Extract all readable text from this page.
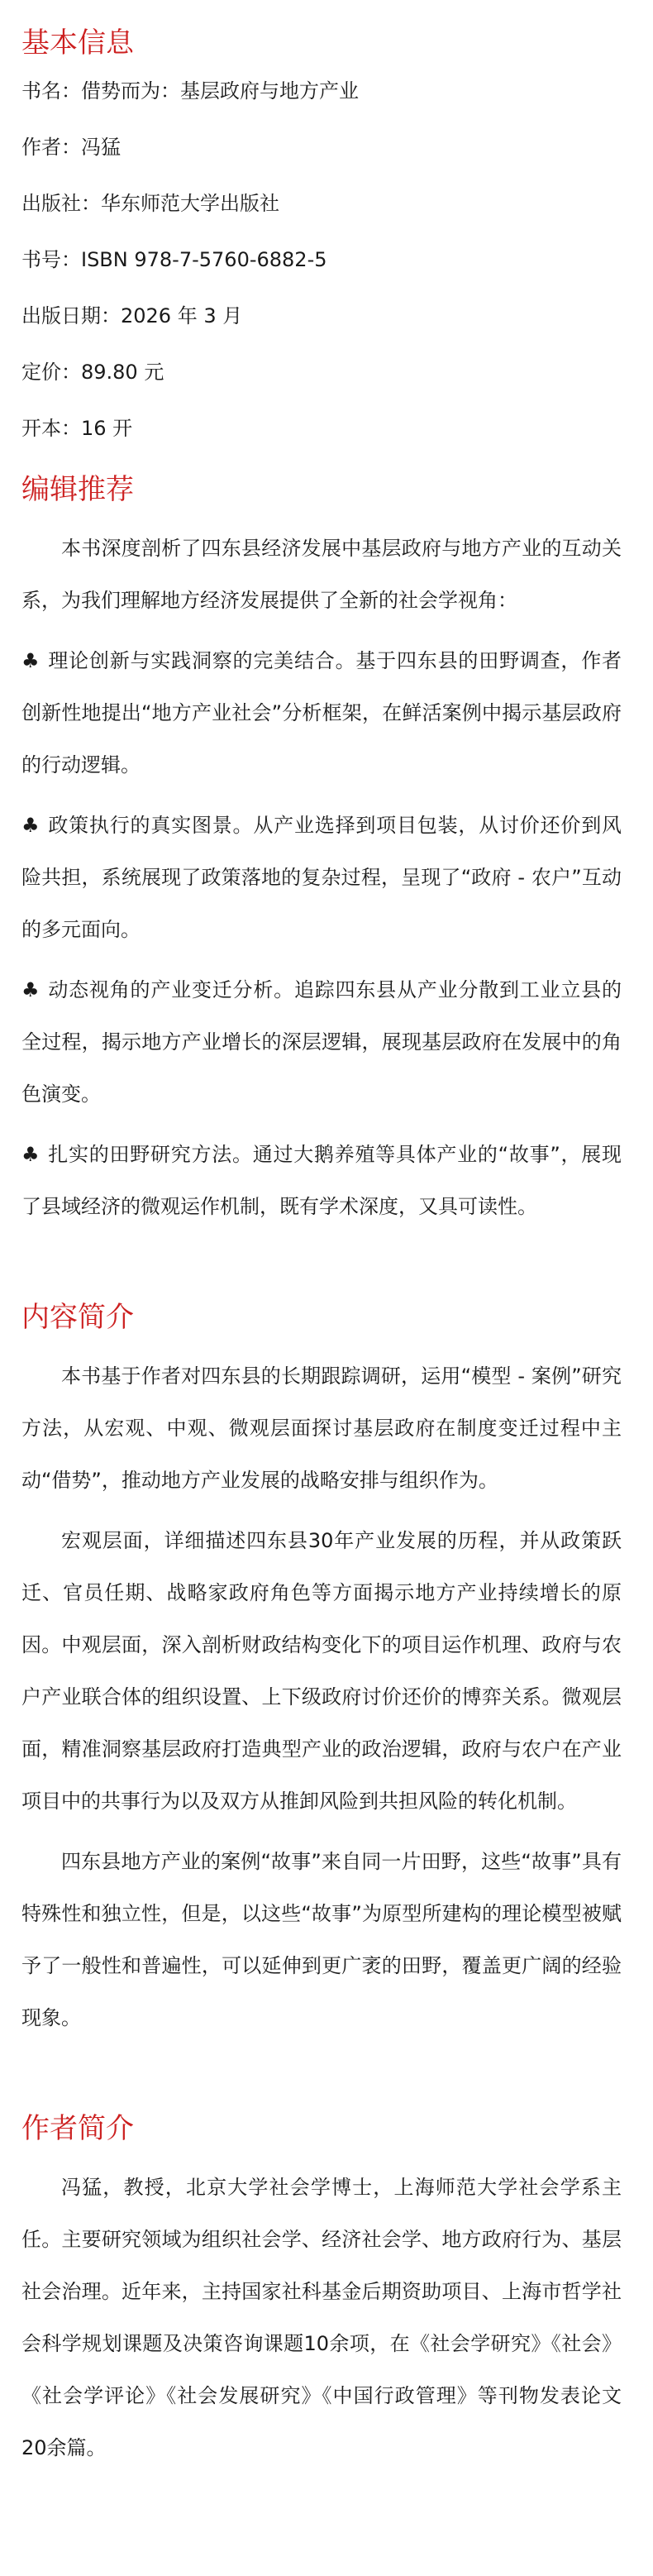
基本信息
书名：借势而为：基层政府与地方产业
作者：冯猛
出版社：华东师范大学出版社
书号：ISBN 978-7-5760-6882-5
出版日期：2026 年 3 月
定价：89.80 元
开本：16 开
编辑推荐

本书深度剖析了四东县经济发展中基层政府与地方产业的互动关系，为我们理解地方经济发展提供了全新的社会学视角：

♣ 理论创新与实践洞察的完美结合。基于四东县的田野调查，作者创新性地提出“地方产业社会”分析框架，在鲜活案例中揭示基层政府的行动逻辑。

♣ 政策执行的真实图景。从产业选择到项目包装，从讨价还价到风险共担，系统展现了政策落地的复杂过程，呈现了“政府 - 农户”互动的多元面向。

♣ 动态视角的产业变迁分析。追踪四东县从产业分散到工业立县的全过程，揭示地方产业增长的深层逻辑，展现基层政府在发展中的角色演变。

♣ 扎实的田野研究方法。通过大鹅养殖等具体产业的“故事”，展现了县域经济的微观运作机制，既有学术深度，又具可读性。

内容简介

本书基于作者对四东县的长期跟踪调研，运用“模型 - 案例”研究方法，从宏观、中观、微观层面探讨基层政府在制度变迁过程中主动“借势”，推动地方产业发展的战略安排与组织作为。

宏观层面，详细描述四东县30年产业发展的历程，并从政策跃迁、官员任期、战略家政府角色等方面揭示地方产业持续增长的原因。中观层面，深入剖析财政结构变化下的项目运作机理、政府与农户产业联合体的组织设置、上下级政府讨价还价的博弈关系。微观层面，精准洞察基层政府打造典型产业的政治逻辑，政府与农户在产业项目中的共事行为以及双方从推卸风险到共担风险的转化机制。

四东县地方产业的案例“故事”来自同一片田野，这些“故事”具有特殊性和独立性，但是，以这些“故事”为原型所建构的理论模型被赋予了一般性和普遍性，可以延伸到更广袤的田野，覆盖更广阔的经验现象。

作者简介

冯猛，教授，北京大学社会学博士，上海师范大学社会学系主任。主要研究领域为组织社会学、经济社会学、地方政府行为、基层社会治理。近年来，主持国家社科基金后期资助项目、上海市哲学社会科学规划课题及决策咨询课题10余项，在《社会学研究》《社会》《社会学评论》《社会发展研究》《中国行政管理》等刊物发表论文20余篇。
